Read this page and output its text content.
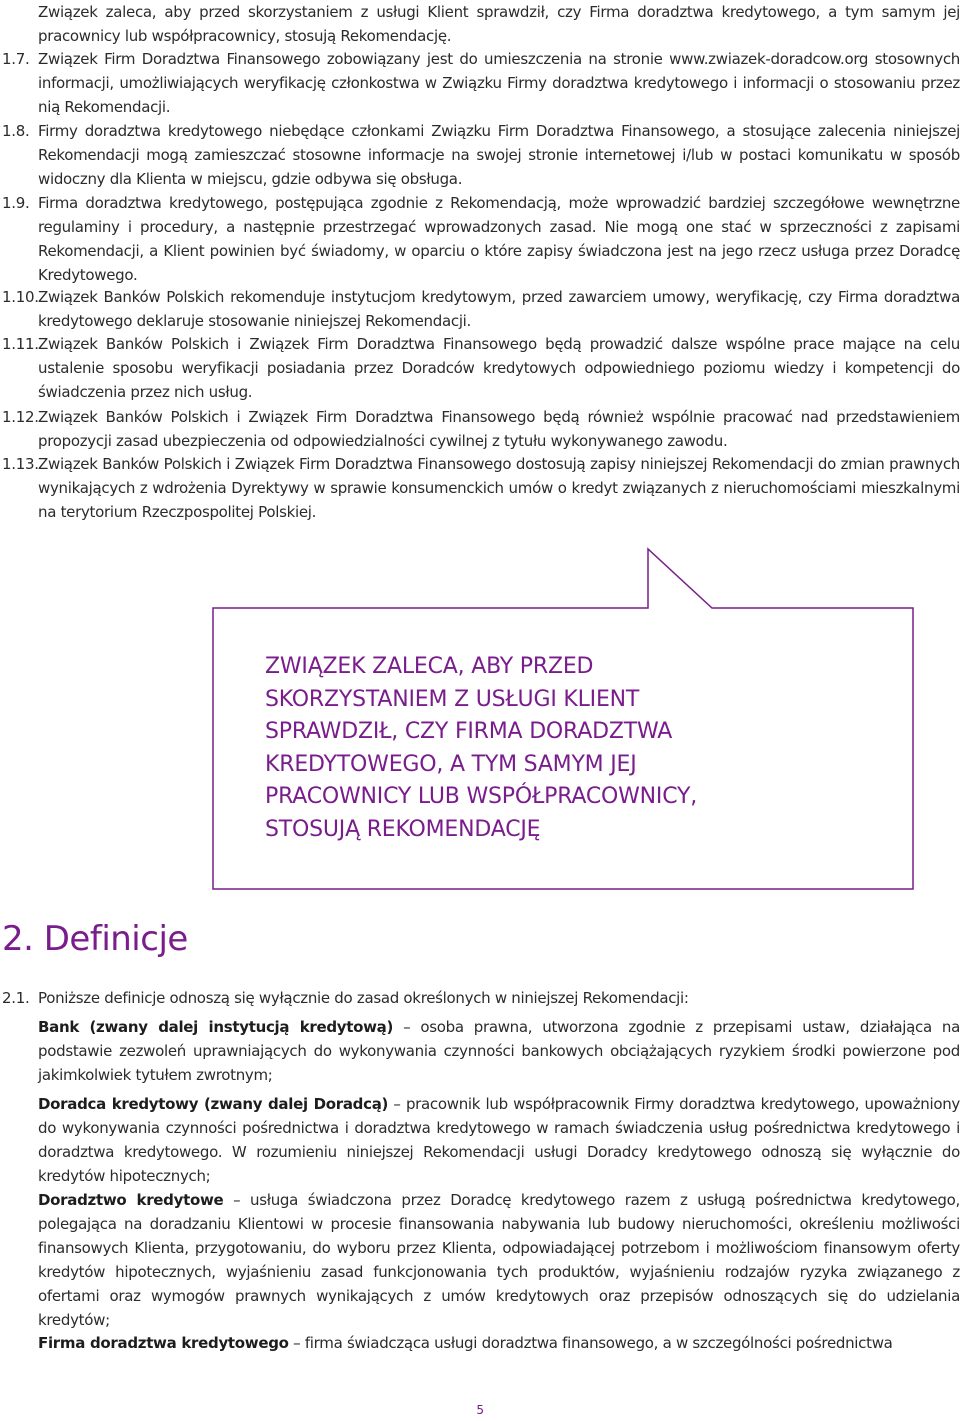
Związek zaleca, aby przed skorzystaniem z usługi Klient sprawdził, czy Firma doradztwa kredytowego, a tym samym jej pracownicy lub współpracownicy, stosują Rekomendację.

1.7. Związek Firm Doradztwa Finansowego zobowiązany jest do umieszczenia na stronie www.zwiazek-doradcow.org stosownych informacji, umożliwiających weryfikację członkostwa w Związku Firmy doradztwa kredytowego i informacji o stosowaniu przez nią Rekomendacji.

1.8. Firmy doradztwa kredytowego niebędące członkami Związku Firm Doradztwa Finansowego, a stosujące zalecenia niniejszej Rekomendacji mogą zamieszczać stosowne informacje na swojej stronie internetowej i/lub w postaci komunikatu w sposób widoczny dla Klienta w miejscu, gdzie odbywa się obsługa.

1.9. Firma doradztwa kredytowego, postępująca zgodnie z Rekomendacją, może wprowadzić bardziej szczegółowe wewnętrzne regulaminy i procedury, a następnie przestrzegać wprowadzonych zasad. Nie mogą one stać w sprzeczności z zapisami Rekomendacji, a Klient powinien być świadomy, w oparciu o które zapisy świadczona jest na jego rzecz usługa przez Doradcę Kredytowego.

1.10. Związek Banków Polskich rekomenduje instytucjom kredytowym, przed zawarciem umowy, weryfikację, czy Firma doradztwa kredytowego deklaruje stosowanie niniejszej Rekomendacji.

1.11. Związek Banków Polskich i Związek Firm Doradztwa Finansowego będą prowadzić dalsze wspólne prace mające na celu ustalenie sposobu weryfikacji posiadania przez Doradców kredytowych odpowiedniego poziomu wiedzy i kompetencji do świadczenia przez nich usług.

1.12. Związek Banków Polskich i Związek Firm Doradztwa Finansowego będą również wspólnie pracować nad przedstawieniem propozycji zasad ubezpieczenia od odpowiedzialności cywilnej z tytułu wykonywanego zawodu.

1.13. Związek Banków Polskich i Związek Firm Doradztwa Finansowego dostosują zapisy niniejszej Rekomendacji do zmian prawnych wynikających z wdrożenia Dyrektywy w sprawie konsumenckich umów o kredyt związanych z nieruchomościami mieszkalnymi na terytorium Rzeczpospolitej Polskiej.

ZWIĄZEK ZALECA, ABY PRZED SKORZYSTANIEM Z USŁUGI KLIENT SPRAWDZIŁ, CZY FIRMA DORADZTWA KREDYTOWEGO, A TYM SAMYM JEJ PRACOWNICY LUB WSPÓŁPRACOWNICY, STOSUJĄ REKOMENDACJĘ

2. Definicje
2.1. Poniższe definicje odnoszą się wyłącznie do zasad określonych w niniejszej Rekomendacji:

Bank (zwany dalej instytucją kredytową) – osoba prawna, utworzona zgodnie z przepisami ustaw, działająca na podstawie zezwoleń uprawniających do wykonywania czynności bankowych obciążających ryzykiem środki powierzone pod jakimkolwiek tytułem zwrotnym;

Doradca kredytowy (zwany dalej Doradcą) – pracownik lub współpracownik Firmy doradztwa kredytowego, upoważniony do wykonywania czynności pośrednictwa i doradztwa kredytowego w ramach świadczenia usług pośrednictwa kredytowego i doradztwa kredytowego. W rozumieniu niniejszej Rekomendacji usługi Doradcy kredytowego odnoszą się wyłącznie do kredytów hipotecznych;

Doradztwo kredytowe – usługa świadczona przez Doradcę kredytowego razem z usługą pośrednictwa kredytowego, polegająca na doradzaniu Klientowi w procesie finansowania nabywania lub budowy nieruchomości, określeniu możliwości finansowych Klienta, przygotowaniu, do wyboru przez Klienta, odpowiadającej potrzebom i możliwościom finansowym oferty kredytów hipotecznych, wyjaśnieniu zasad funkcjonowania tych produktów, wyjaśnieniu rodzajów ryzyka związanego z ofertami oraz wymogów prawnych wynikających z umów kredytowych oraz przepisów odnoszących się do udzielania kredytów;

Firma doradztwa kredytowego – firma świadcząca usługi doradztwa finansowego, a w szczególności pośrednictwa

5
